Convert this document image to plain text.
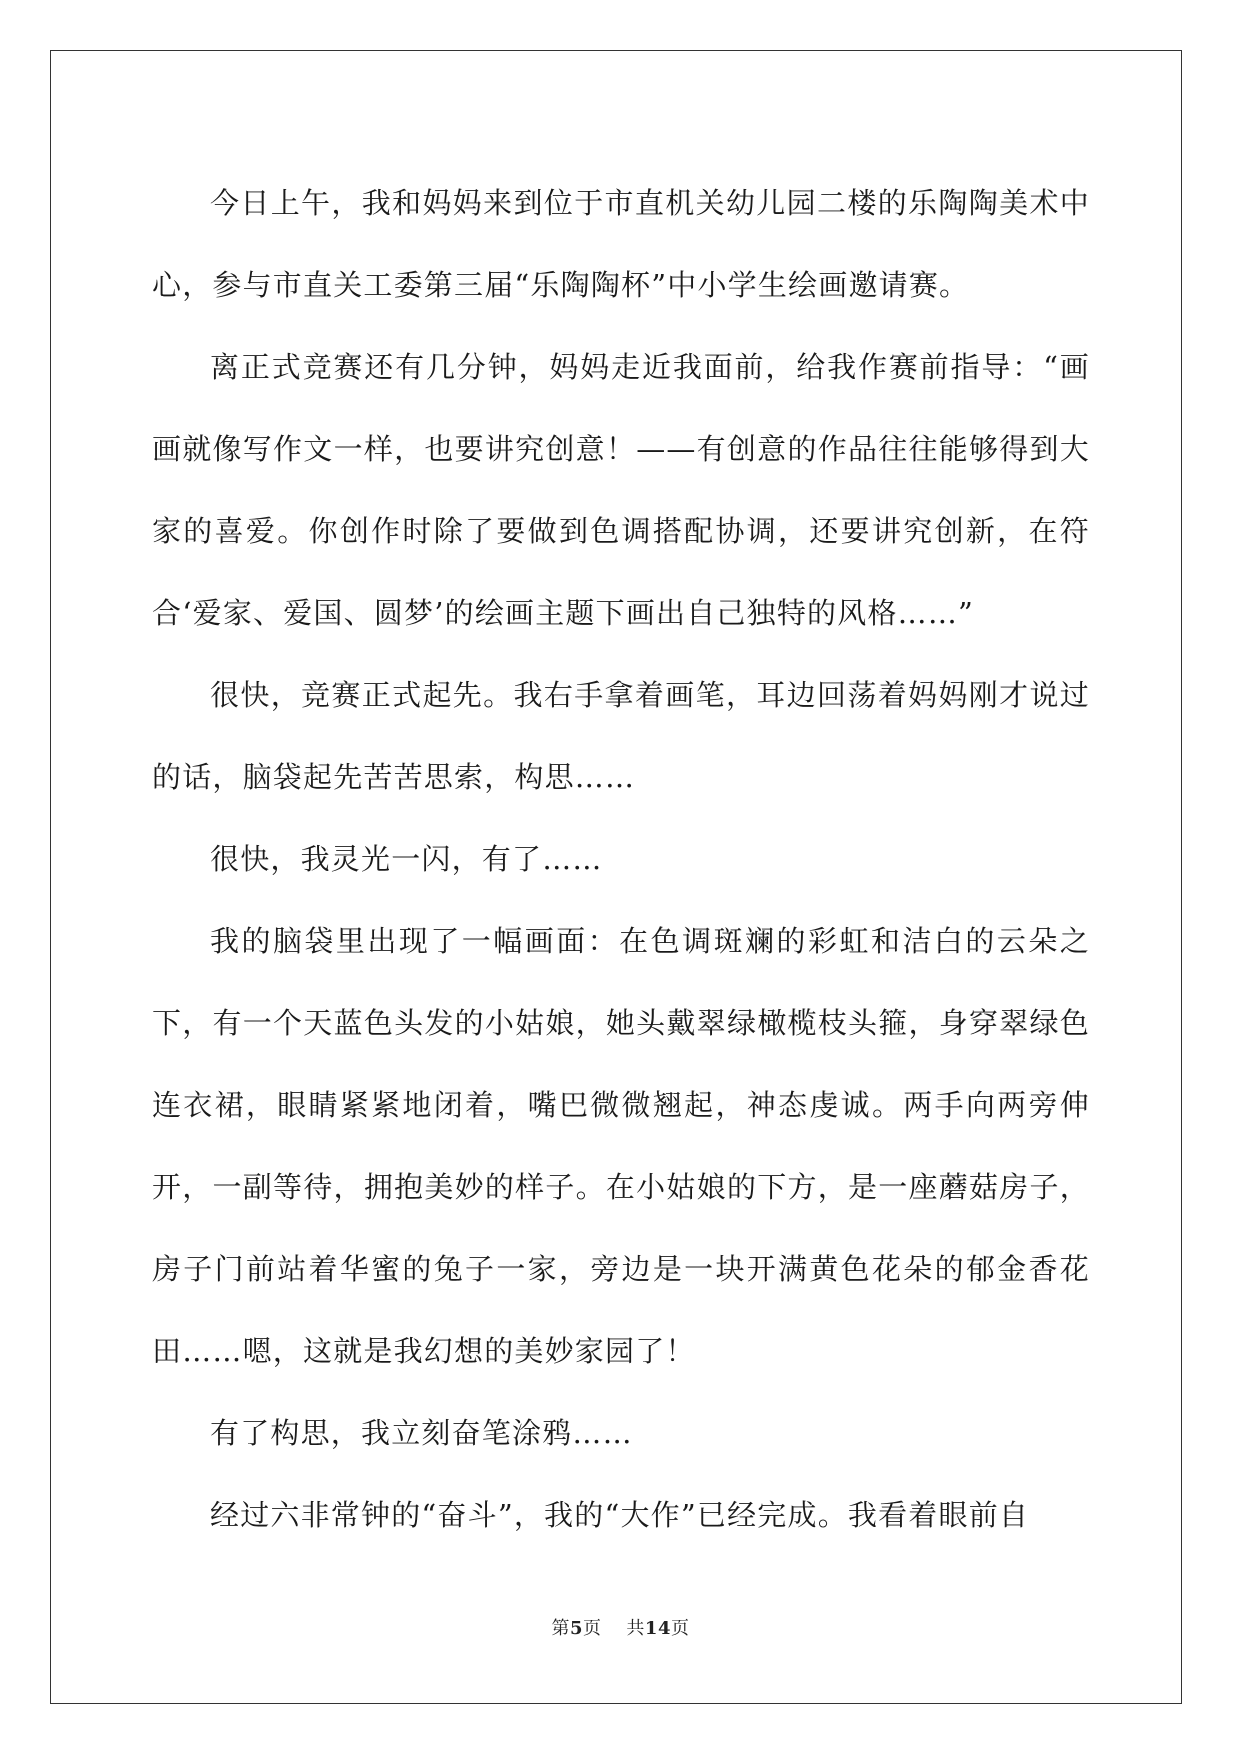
今日上午，我和妈妈来到位于市直机关幼儿园二楼的乐陶陶美术中心，参与市直关工委第三届“乐陶陶杯”中小学生绘画邀请赛。

离正式竞赛还有几分钟，妈妈走近我面前，给我作赛前指导：“画画就像写作文一样，也要讲究创意！——有创意的作品往往能够得到大家的喜爱。你创作时除了要做到色调搭配协调，还要讲究创新，在符合‘爱家、爱国、圆梦’的绘画主题下画出自己独特的风格……”

很快，竞赛正式起先。我右手拿着画笔，耳边回荡着妈妈刚才说过的话，脑袋起先苦苦思索，构思……

很快，我灵光一闪，有了……

我的脑袋里出现了一幅画面：在色调斑斓的彩虹和洁白的云朵之下，有一个天蓝色头发的小姑娘，她头戴翠绿橄榄枝头箍，身穿翠绿色连衣裙，眼睛紧紧地闭着，嘴巴微微翘起，神态虔诚。两手向两旁伸开，一副等待，拥抱美妙的样子。在小姑娘的下方，是一座蘑菇房子，房子门前站着华蜜的兔子一家，旁边是一块开满黄色花朵的郁金香花田……嗯，这就是我幻想的美妙家园了！

有了构思，我立刻奋笔涂鸦……

经过六非常钟的“奋斗”，我的“大作”已经完成。我看着眼前自

第5页 共14页
